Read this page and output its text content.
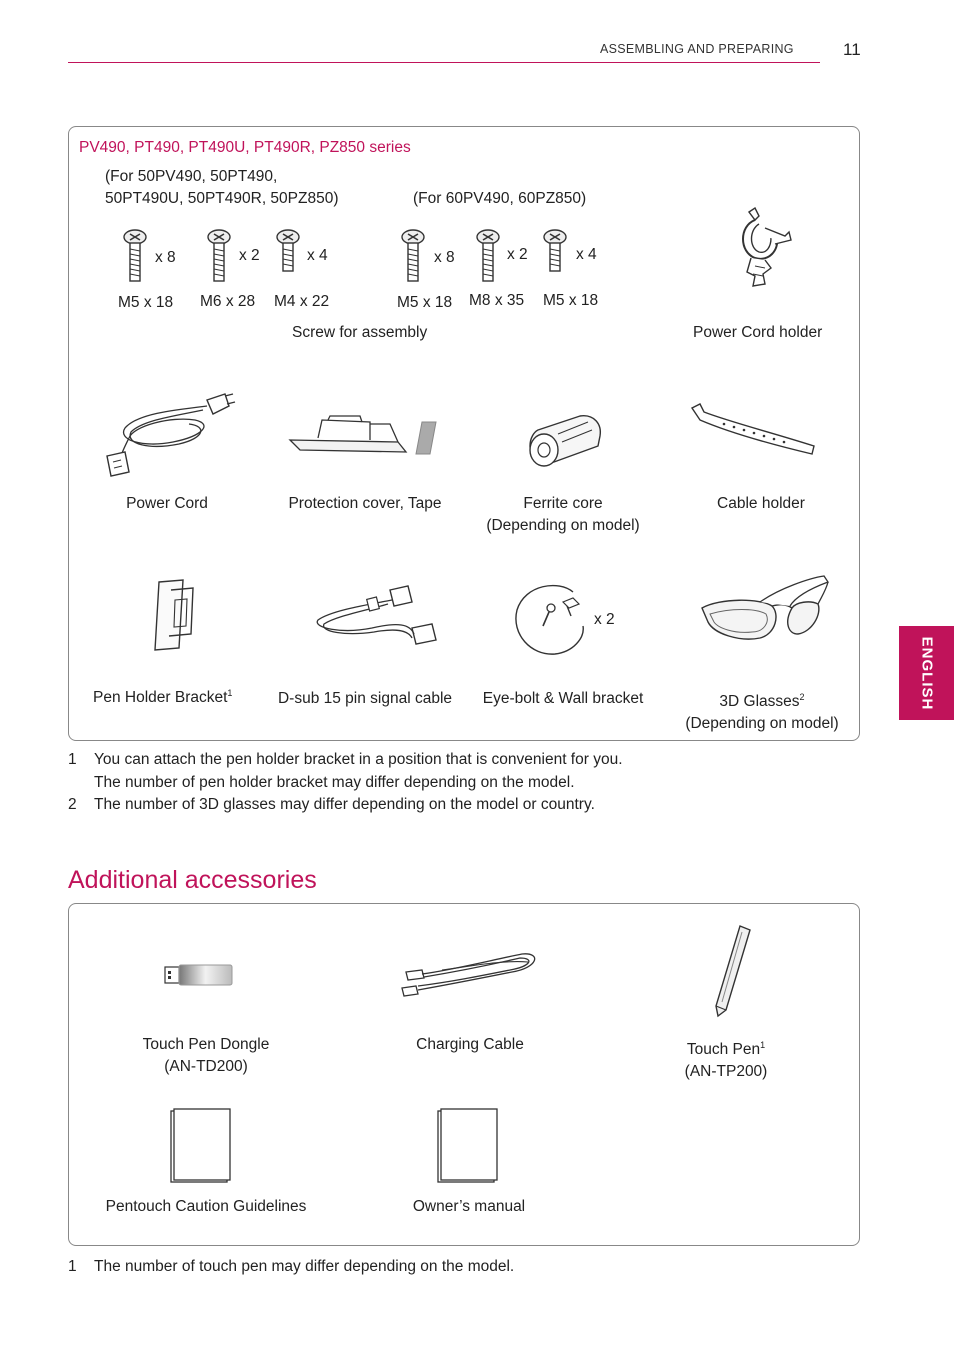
ASSEMBLING AND PREPARING	11
ENGLISH
PV490, PT490, PT490U, PT490R, PZ850 series
(For 50PV490, 50PT490,
50PT490U, 50PT490R, 50PZ850)	(For 60PV490, 60PZ850)
x 8	x 2	x 4	x 8	x 2	x 4
M5 x 18 M6 x 28 M4 x 22	M5 x 18 M8 x 35 M5 x 18
Screw for assembly	Power Cord holder
Power Cord	Protection cover, Tape	Ferrite core
(Depending on model)
Cable holder
Pen Holder Bracket$^1$	D-sub 15 pin signal cable
x 2
Eye-bolt & Wall bracket	3D Glasses$^2$
(Depending on model)
1 You can attach the pen holder bracket in a position that is convenient for you.
The number of pen holder bracket may differ depending on the model.
2 The number of 3D glasses may differ depending on the model or country.
Additional accessories
Touch Pen Dongle
(AN-TD200)
Charging Cable	Touch Pen$^1$
(AN-TP200)
Pentouch Caution Guidelines	Owner’s manual
1 The number of touch pen may differ depending on the model.
